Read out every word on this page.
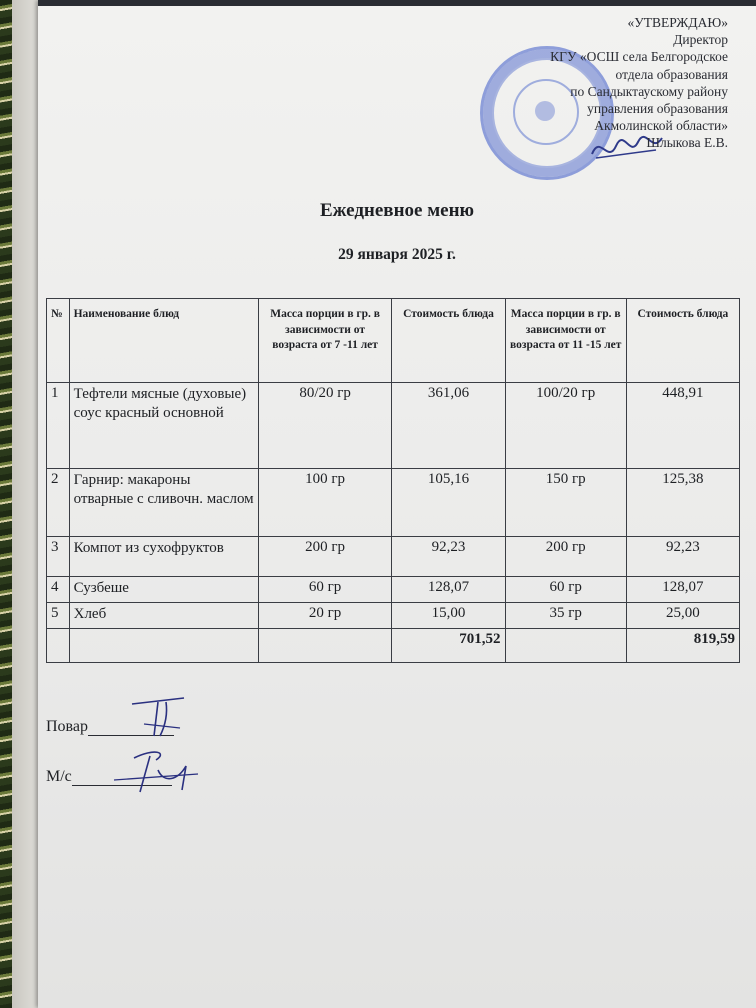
«УТВЕРЖДАЮ»
Директор
КГУ «ОСШ села Белгородское
отдела образования
по Сандыктаускому району
управления образования
Акмолинской области»
Шлыкова Е.В.
Ежедневное меню
29 января 2025 г.
№	Наименование блюд	Масса порции в гр. в зависимости от возраста от 7 -11 лет	Стоимость блюда	Масса порции в гр. в зависимости от возраста от 11 -15 лет	Стоимость блюда
1	Тефтели мясные (духовые) соус красный основной	80/20 гр	361,06	100/20 гр	448,91
2	Гарнир: макароны отварные с сливочн. маслом	100 гр	105,16	150 гр	125,38
3	Компот из сухофруктов	200 гр	92,23	200 гр	92,23
4	Сузбеше	60 гр	128,07	60 гр	128,07
5	Хлеб	20 гр	15,00	35 гр	25,00
			701,52		819,59
Повар
М/с
